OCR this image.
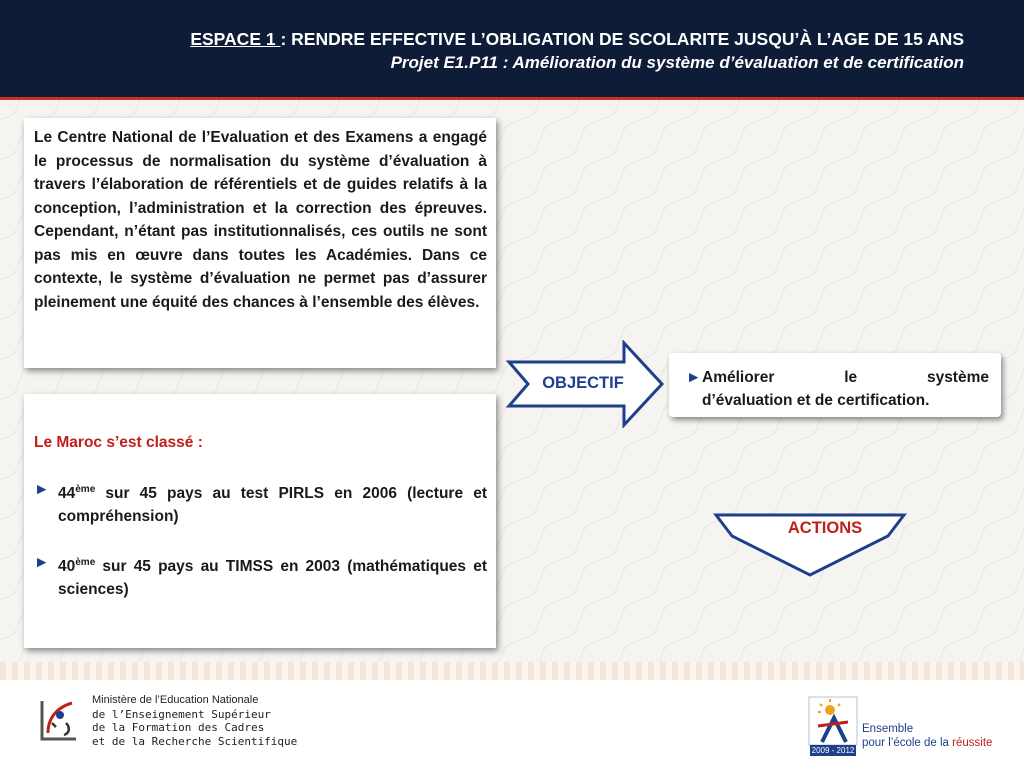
ESPACE 1 : RENDRE EFFECTIVE L’OBLIGATION DE SCOLARITE JUSQU’À L’AGE DE 15 ANS
Projet E1.P11 : Amélioration du système d’évaluation et de certification

Le Centre National de l’Evaluation et des Examens a engagé le processus de normalisation du système d’évaluation à travers l’élaboration de référentiels et de guides relatifs à la conception, l’administration et la correction des épreuves. Cependant, n’étant pas institutionnalisés, ces outils ne sont pas mis en œuvre dans toutes les Académies. Dans ce contexte, le système d’évaluation ne permet pas d’assurer pleinement une équité des chances à l’ensemble des élèves.

Le Maroc s’est classé :

► 44ème sur 45 pays au test PIRLS en 2006 (lecture et compréhension)
► 40ème sur 45 pays au TIMSS en 2003 (mathématiques et sciences)
OBJECTIF	► Améliorer le système
d’évaluation et de certification.
ACTIONS
Ministère de l’Education Nationale
de l’Enseignement Supérieur
de la Formation des Cadres
et de la Recherche Scientifique
2009 - 2012
Ensemble
pour l’école de la réussite
